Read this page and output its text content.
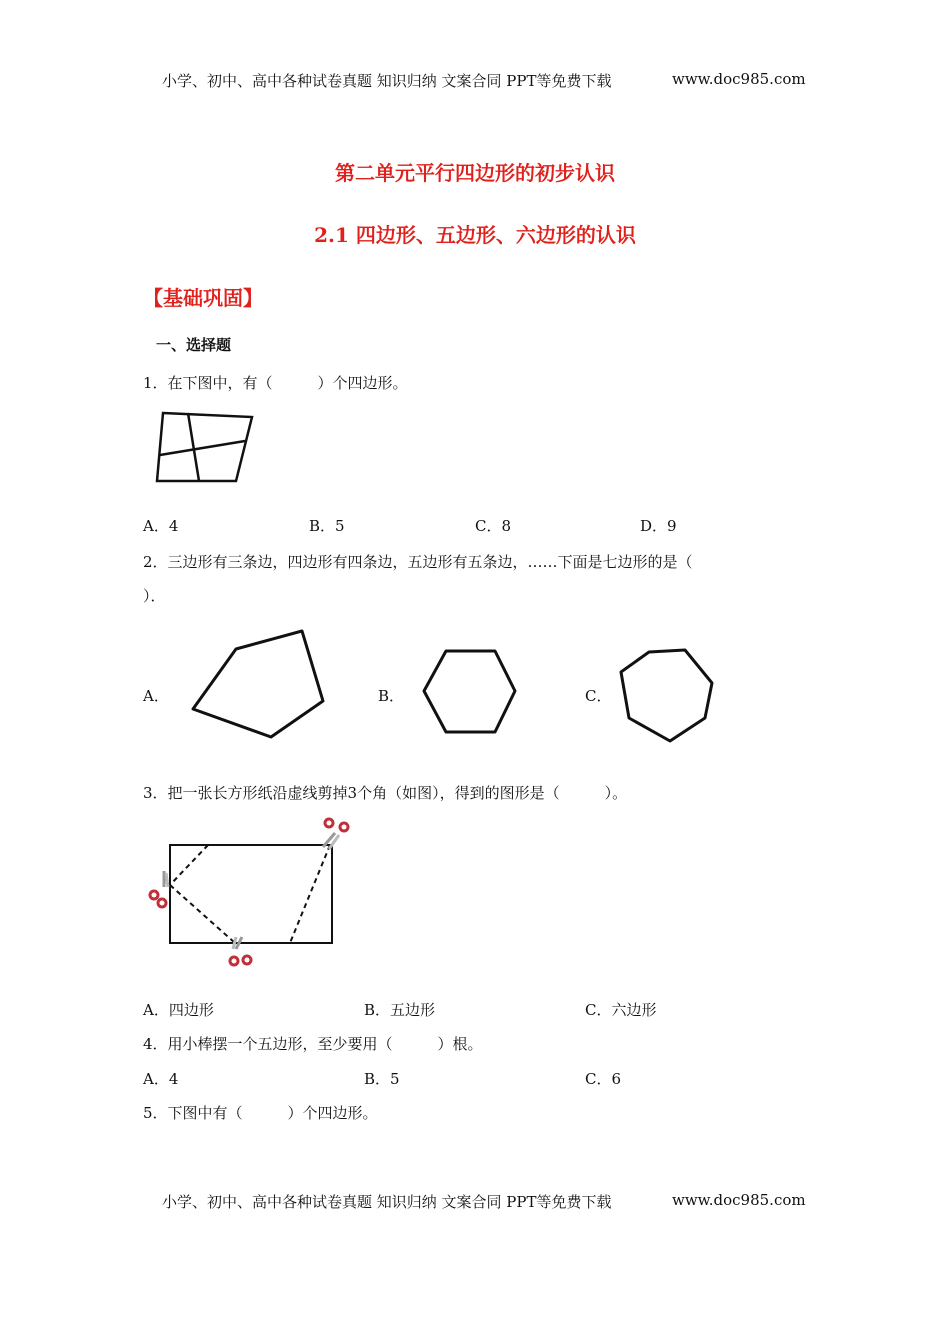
小学、初中、高中各种试卷真题 知识归纳 文案合同 PPT等免费下载	www.doc985.com
第二单元平行四边形的初步认识
2.1 四边形、五边形、六边形的认识
【基础巩固】
一、选择题
1．在下图中，有（　　　）个四边形。
A．4	B．5	C．8	D．9
2．三边形有三条边，四边形有四条边，五边形有五条边，……下面是七边形的是（
）．
A．	B．	C．
3．把一张长方形纸沿虚线剪掉3个角（如图），得到的图形是（　　　）。
A．四边形	B．五边形	C．六边形
4．用小棒摆一个五边形，至少要用（　　　）根。
A．4	B．5	C．6
5．下图中有（　　　）个四边形。
小学、初中、高中各种试卷真题 知识归纳 文案合同 PPT等免费下载	www.doc985.com
